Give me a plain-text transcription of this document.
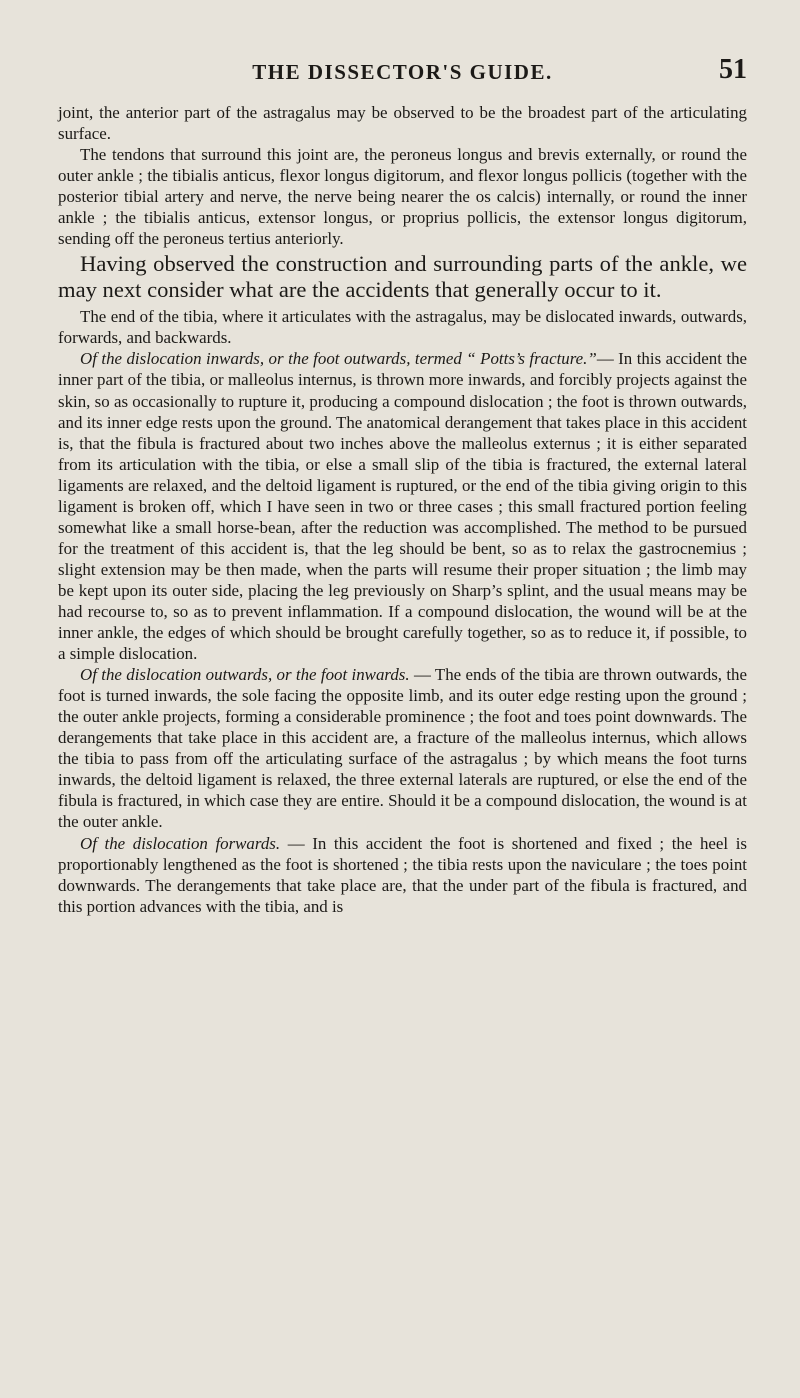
THE DISSECTOR'S GUIDE.	51

joint, the anterior part of the astragalus may be observed to be the broadest part of the articulating surface.

The tendons that surround this joint are, the peroneus longus and brevis externally, or round the outer ankle ; the tibialis anticus, flexor longus digitorum, and flexor longus pollicis (together with the posterior tibial artery and nerve, the nerve being nearer the os calcis) internally, or round the inner ankle ; the tibialis anticus, extensor longus, or proprius pollicis, the extensor longus digitorum, sending off the peroneus tertius anteriorly.

Having observed the construction and surrounding parts of the ankle, we may next consider what are the accidents that generally occur to it.

The end of the tibia, where it articulates with the astragalus, may be dislocated inwards, outwards, forwards, and backwards.

Of the dislocation inwards, or the foot outwards, termed “ Potts’s fracture.”— In this accident the inner part of the tibia, or malleolus internus, is thrown more inwards, and forcibly projects against the skin, so as occasionally to rupture it, producing a compound dislocation ; the foot is thrown outwards, and its inner edge rests upon the ground. The anatomical derangement that takes place in this accident is, that the fibula is fractured about two inches above the malleolus externus ; it is either separated from its articulation with the tibia, or else a small slip of the tibia is fractured, the external lateral ligaments are relaxed, and the deltoid ligament is ruptured, or the end of the tibia giving origin to this ligament is broken off, which I have seen in two or three cases ; this small fractured portion feeling somewhat like a small horse-bean, after the reduction was accomplished. The method to be pursued for the treatment of this accident is, that the leg should be bent, so as to relax the gastrocnemius ; slight extension may be then made, when the parts will resume their proper situation ; the limb may be kept upon its outer side, placing the leg previously on Sharp’s splint, and the usual means may be had recourse to, so as to prevent inflammation. If a compound dislocation, the wound will be at the inner ankle, the edges of which should be brought carefully together, so as to reduce it, if possible, to a simple dislocation.

Of the dislocation outwards, or the foot inwards. — The ends of the tibia are thrown outwards, the foot is turned inwards, the sole facing the opposite limb, and its outer edge resting upon the ground ; the outer ankle projects, forming a considerable prominence ; the foot and toes point downwards. The derangements that take place in this accident are, a fracture of the malleolus internus, which allows the tibia to pass from off the articulating surface of the astragalus ; by which means the foot turns inwards, the deltoid ligament is relaxed, the three external laterals are ruptured, or else the end of the fibula is fractured, in which case they are entire. Should it be a compound dislocation, the wound is at the outer ankle.

Of the dislocation forwards. — In this accident the foot is shortened and fixed ; the heel is proportionably lengthened as the foot is shortened ; the tibia rests upon the naviculare ; the toes point downwards. The derangements that take place are, that the under part of the fibula is fractured, and this portion advances with the tibia, and is
